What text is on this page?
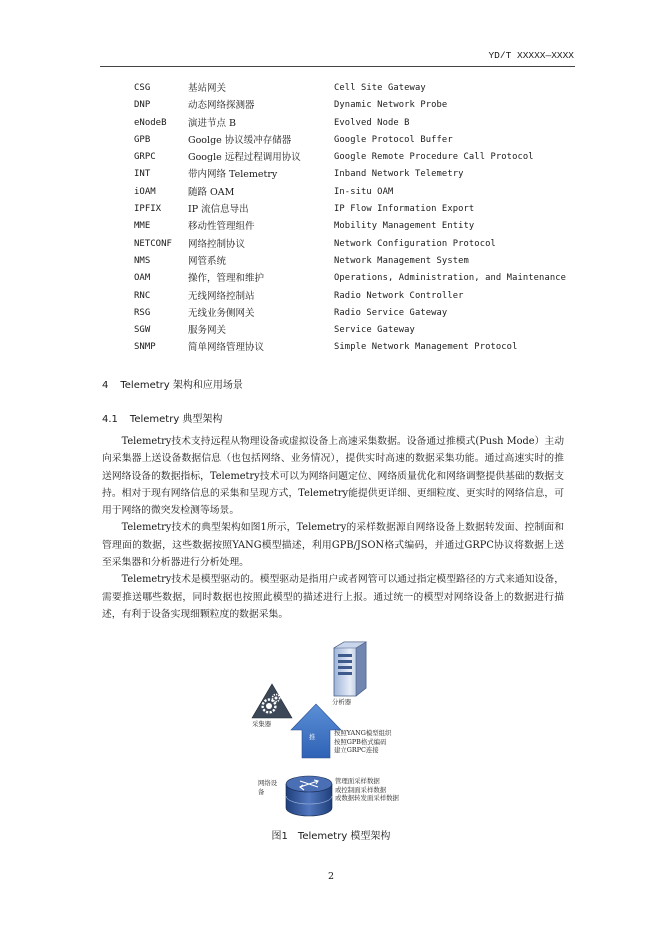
YD/T XXXXX—XXXX
CSG	基站网关	Cell Site Gateway
DNP	动态网络探测器	Dynamic Network Probe
eNodeB 演进节点 B	Evolved Node B
GPB	Goolge 协议缓冲存储器	Google Protocol Buffer
GRPC	Google 远程过程调用协议	Google Remote Procedure Call Protocol
INT	带内网络 Telemetry	Inband Network Telemetry
iOAM	随路 OAM	In-situ OAM
IPFIX	IP 流信息导出	IP Flow Information Export
MME	移动性管理组件	Mobility Management Entity
NETCONF 网络控制协议	Network Configuration Protocol
NMS	网管系统	Network Management System
OAM	操作，管理和维护	Operations, Administration, and Maintenance
RNC	无线网络控制站	Radio Network Controller
RSG	无线业务侧网关	Radio Service Gateway
SGW	服务网关	Service Gateway
SNMP	简单网络管理协议	Simple Network Management Protocol
4 Telemetry 架构和应用场景
4.1 Telemetry 典型架构

Telemetry技术支持远程从物理设备或虚拟设备上高速采集数据。设备通过推模式(Push Mode）主动向采集器上送设备数据信息（也包括网络、业务情况），提供实时高速的数据采集功能。通过高速实时的推送网络设备的数据指标，Telemetry技术可以为网络问题定位、网络质量优化和网络调整提供基础的数据支持。相对于现有网络信息的采集和呈现方式，Telemetry能提供更详细、更细粒度、更实时的网络信息，可用于网络的微突发检测等场景。

Telemetry技术的典型架构如图1所示，Telemetry的采样数据源自网络设备上数据转发面、控制面和管理面的数据，这些数据按照YANG模型描述，利用GPB/JSON格式编码，并通过GRPC协议将数据上送至采集器和分析器进行分析处理。

Telemetry技术是模型驱动的。模型驱动是指用户或者网管可以通过指定模型路径的方式来通知设备，需要推送哪些数据，同时数据也按照此模型的描述进行上报。通过统一的模型对网络设备上的数据进行描述，有利于设备实现细颗粒度的数据采集。

分析器
采集器
推	按照YANG模型组织
按照GPB格式编码
建立GRPC连接
网络设
备
管理面采样数据
或控制面采样数据
或数据转发面采样数据
图1 Telemetry 模型架构
2
